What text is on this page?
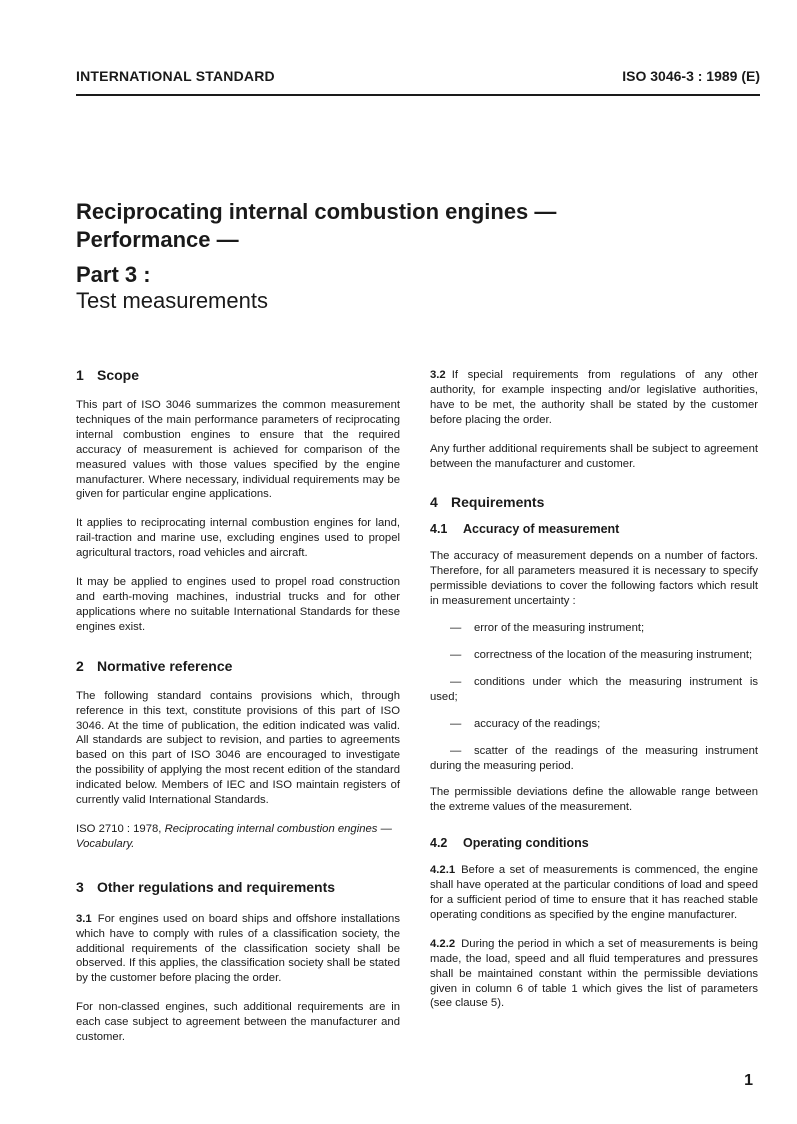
INTERNATIONAL STANDARD	ISO 3046-3 : 1989 (E)
Reciprocating internal combustion engines —
Performance —
Part 3 :
Test measurements
1 Scope

This part of ISO 3046 summarizes the common measurement techniques of the main performance parameters of reciprocating internal combustion engines to ensure that the required accuracy of measurement is achieved for comparison of the measured values with those values specified by the engine manufacturer. Where necessary, individual requirements may be given for particular engine applications.

It applies to reciprocating internal combustion engines for land, rail-traction and marine use, excluding engines used to propel agricultural tractors, road vehicles and aircraft.

It may be applied to engines used to propel road construction and earth-moving machines, industrial trucks and for other applications where no suitable International Standards for these engines exist.

2 Normative reference

The following standard contains provisions which, through reference in this text, constitute provisions of this part of ISO 3046. At the time of publication, the edition indicated was valid. All standards are subject to revision, and parties to agreements based on this part of ISO 3046 are encouraged to investigate the possibility of applying the most recent edition of the standard indicated below. Members of IEC and ISO maintain registers of currently valid International Standards.

ISO 2710 : 1978, Reciprocating internal combustion engines — Vocabulary.

3 Other regulations and requirements

3.1 For engines used on board ships and offshore installations which have to comply with rules of a classification society, the additional requirements of the classification society shall be observed. If this applies, the classification society shall be stated by the customer before placing the order.

For non-classed engines, such additional requirements are in each case subject to agreement between the manufacturer and customer.

3.2 If special requirements from regulations of any other authority, for example inspecting and/or legislative authorities, have to be met, the authority shall be stated by the customer before placing the order.

Any further additional requirements shall be subject to agreement between the manufacturer and customer.

4 Requirements
4.1 Accuracy of measurement

The accuracy of measurement depends on a number of factors. Therefore, for all parameters measured it is necessary to specify permissible deviations to cover the following factors which result in measurement uncertainty :

— error of the measuring instrument;
— correctness of the location of the measuring instrument;
— conditions under which the measuring instrument is used;
— accuracy of the readings;
— scatter of the readings of the measuring instrument during the measuring period.

The permissible deviations define the allowable range between the extreme values of the measurement.

4.2 Operating conditions

4.2.1 Before a set of measurements is commenced, the engine shall have operated at the particular conditions of load and speed for a sufficient period of time to ensure that it has reached stable operating conditions as specified by the engine manufacturer.

4.2.2 During the period in which a set of measurements is being made, the load, speed and all fluid temperatures and pressures shall be maintained constant within the permissible deviations given in column 6 of table 1 which gives the list of parameters (see clause 5).

1
